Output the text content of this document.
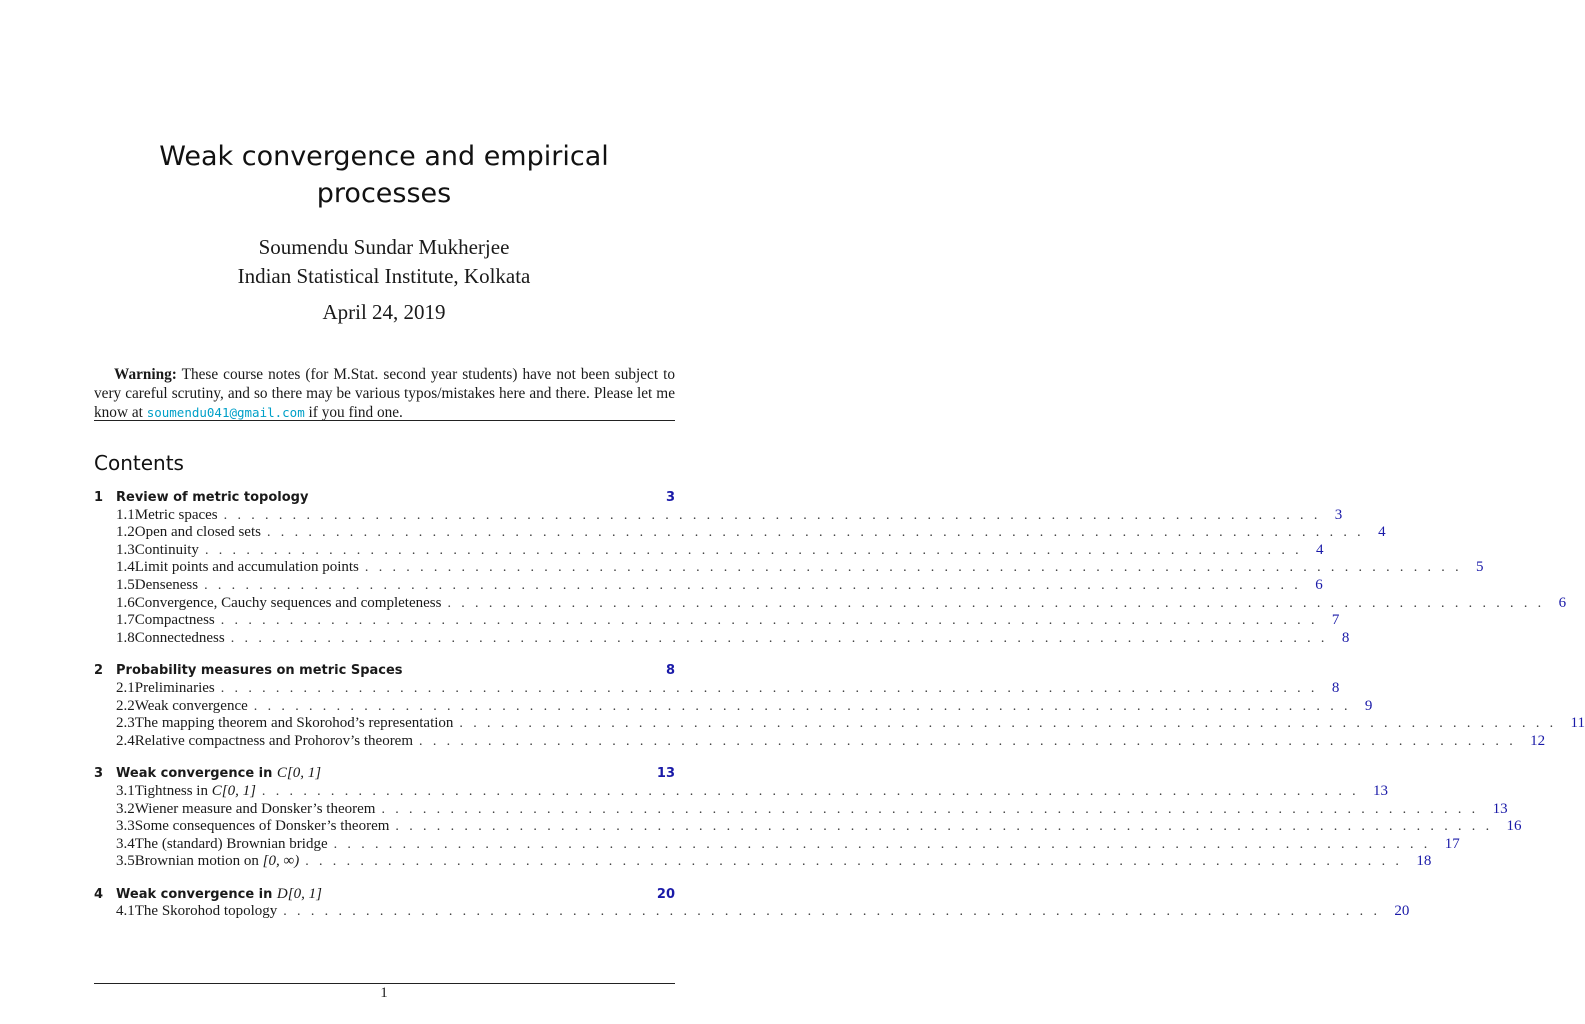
Weak convergence and empirical
processes
Soumendu Sundar Mukherjee
Indian Statistical Institute, Kolkata
April 24, 2019
Warning: These course notes (for M.Stat. second year students) have not been subject to very careful scrutiny, and so there may be various typos/mistakes here and there. Please let me know at soumendu041@gmail.com if you find one.
Contents
1 Review of metric topology	3
1.1 Metric spaces . . . . . . . . . . . . . . . . . . . . . . . . . . . . . . . . . . . . . . . . . . . . . . . . . . . . . . . . . . . . . . . . . . . . . . . . . . . . . . . . 3
1.2 Open and closed sets . . . . . . . . . . . . . . . . . . . . . . . . . . . . . . . . . . . . . . . . . . . . . . . . . . . . . . . . . . . . . . . . . . . . . . . . . . . . . . . . 4
1.3 Continuity . . . . . . . . . . . . . . . . . . . . . . . . . . . . . . . . . . . . . . . . . . . . . . . . . . . . . . . . . . . . . . . . . . . . . . . . . . . . . . . . 4
1.4 Limit points and accumulation points . . . . . . . . . . . . . . . . . . . . . . . . . . . . . . . . . . . . . . . . . . . . . . . . . . . . . . . . . . . . . . . . . . . . . . . . . . . . . . . . 5
1.5 Denseness . . . . . . . . . . . . . . . . . . . . . . . . . . . . . . . . . . . . . . . . . . . . . . . . . . . . . . . . . . . . . . . . . . . . . . . . . . . . . . . . 6
1.6 Convergence, Cauchy sequences and completeness . . . . . . . . . . . . . . . . . . . . . . . . . . . . . . . . . . . . . . . . . . . . . . . . . . . . . . . . . . . . . . . . . . . . . . . . . . . . . . . . 6
1.7 Compactness . . . . . . . . . . . . . . . . . . . . . . . . . . . . . . . . . . . . . . . . . . . . . . . . . . . . . . . . . . . . . . . . . . . . . . . . . . . . . . . . 7
1.8 Connectedness . . . . . . . . . . . . . . . . . . . . . . . . . . . . . . . . . . . . . . . . . . . . . . . . . . . . . . . . . . . . . . . . . . . . . . . . . . . . . . . . 8
2 Probability measures on metric Spaces	8
2.1 Preliminaries . . . . . . . . . . . . . . . . . . . . . . . . . . . . . . . . . . . . . . . . . . . . . . . . . . . . . . . . . . . . . . . . . . . . . . . . . . . . . . . . 8
2.2 Weak convergence . . . . . . . . . . . . . . . . . . . . . . . . . . . . . . . . . . . . . . . . . . . . . . . . . . . . . . . . . . . . . . . . . . . . . . . . . . . . . . . . 9
2.3 The mapping theorem and Skorohod’s representation . . . . . . . . . . . . . . . . . . . . . . . . . . . . . . . . . . . . . . . . . . . . . . . . . . . . . . . . . . . . . . . . . . . . . . . . . . . . . . . . 11
2.4 Relative compactness and Prohorov’s theorem . . . . . . . . . . . . . . . . . . . . . . . . . . . . . . . . . . . . . . . . . . . . . . . . . . . . . . . . . . . . . . . . . . . . . . . . . . . . . . . . 12
3 Weak convergence in C[0, 1]	13
3.1 Tightness in C[0, 1] . . . . . . . . . . . . . . . . . . . . . . . . . . . . . . . . . . . . . . . . . . . . . . . . . . . . . . . . . . . . . . . . . . . . . . . . . . . . . . . . 13
3.2 Wiener measure and Donsker’s theorem . . . . . . . . . . . . . . . . . . . . . . . . . . . . . . . . . . . . . . . . . . . . . . . . . . . . . . . . . . . . . . . . . . . . . . . . . . . . . . . . 13
3.3 Some consequences of Donsker’s theorem . . . . . . . . . . . . . . . . . . . . . . . . . . . . . . . . . . . . . . . . . . . . . . . . . . . . . . . . . . . . . . . . . . . . . . . . . . . . . . . . 16
3.4 The (standard) Brownian bridge . . . . . . . . . . . . . . . . . . . . . . . . . . . . . . . . . . . . . . . . . . . . . . . . . . . . . . . . . . . . . . . . . . . . . . . . . . . . . . . . 17
3.5 Brownian motion on [0, ∞) . . . . . . . . . . . . . . . . . . . . . . . . . . . . . . . . . . . . . . . . . . . . . . . . . . . . . . . . . . . . . . . . . . . . . . . . . . . . . . . . 18
4 Weak convergence in D[0, 1]	20
4.1 The Skorohod topology . . . . . . . . . . . . . . . . . . . . . . . . . . . . . . . . . . . . . . . . . . . . . . . . . . . . . . . . . . . . . . . . . . . . . . . . . . . . . . . . 20
1
